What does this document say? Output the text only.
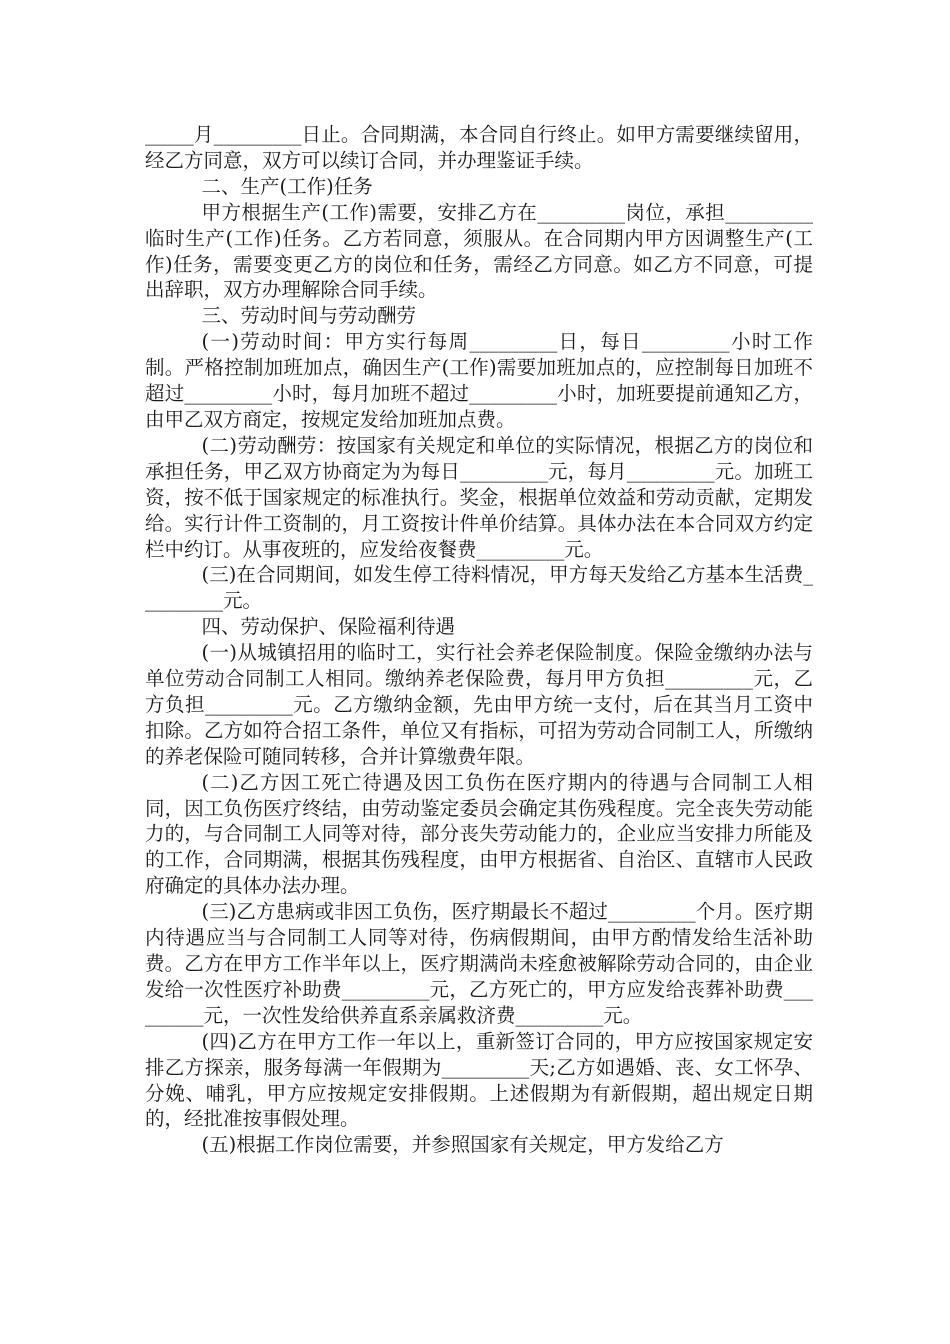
_____月_________日止。合同期满，本合同自行终止。如甲方需要继续留用，经乙方同意，双方可以续订合同，并办理鉴证手续。

二、生产(工作)任务

甲方根据生产(工作)需要，安排乙方在_________岗位，承担_________临时生产(工作)任务。乙方若同意，须服从。在合同期内甲方因调整生产(工作)任务，需要变更乙方的岗位和任务，需经乙方同意。如乙方不同意，可提出辞职，双方办理解除合同手续。

三、劳动时间与劳动酬劳

(一)劳动时间：甲方实行每周_________日，每日_________小时工作制。严格控制加班加点，确因生产(工作)需要加班加点的，应控制每日加班不超过_________小时，每月加班不超过_________小时，加班要提前通知乙方，由甲乙双方商定，按规定发给加班加点费。

(二)劳动酬劳：按国家有关规定和单位的实际情况，根据乙方的岗位和承担任务，甲乙双方协商定为为每日_________元，每月_________元。加班工资，按不低于国家规定的标准执行。奖金，根据单位效益和劳动贡献，定期发给。实行计件工资制的，月工资按计件单价结算。具体办法在本合同双方约定栏中约订。从事夜班的，应发给夜餐费_________元。

(三)在合同期间，如发生停工待料情况，甲方每天发给乙方基本生活费_________元。

四、劳动保护、保险福利待遇

(一)从城镇招用的临时工，实行社会养老保险制度。保险金缴纳办法与单位劳动合同制工人相同。缴纳养老保险费，每月甲方负担_________元，乙方负担_________元。乙方缴纳金额，先由甲方统一支付，后在其当月工资中扣除。乙方如符合招工条件，单位又有指标，可招为劳动合同制工人，所缴纳的养老保险可随同转移，合并计算缴费年限。

(二)乙方因工死亡待遇及因工负伤在医疗期内的待遇与合同制工人相同，因工负伤医疗终结，由劳动鉴定委员会确定其伤残程度。完全丧失劳动能力的，与合同制工人同等对待，部分丧失劳动能力的，企业应当安排力所能及的工作，合同期满，根据其伤残程度，由甲方根据省、自治区、直辖市人民政府确定的具体办法办理。

(三)乙方患病或非因工负伤，医疗期最长不超过_________个月。医疗期内待遇应当与合同制工人同等对待，伤病假期间，由甲方酌情发给生活补助费。乙方在甲方工作半年以上，医疗期满尚未痊愈被解除劳动合同的，由企业发给一次性医疗补助费_________元，乙方死亡的，甲方应发给丧葬补助费_________元，一次性发给供养直系亲属救济费_________元。

(四)乙方在甲方工作一年以上，重新签订合同的，甲方应按国家规定安排乙方探亲，服务每满一年假期为_________天;乙方如遇婚、丧、女工怀孕、分娩、哺乳，甲方应按规定安排假期。上述假期为有新假期，超出规定日期的，经批准按事假处理。

(五)根据工作岗位需要，并参照国家有关规定，甲方发给乙方
